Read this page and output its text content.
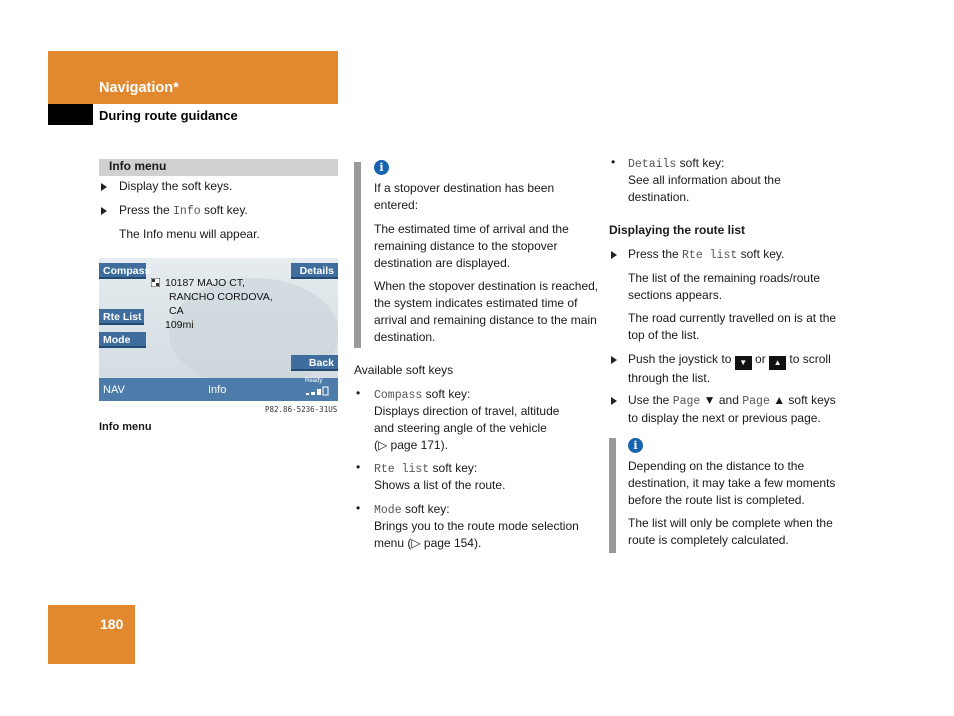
Navigation*
During route guidance
Info menu
Display the soft keys.
Press the Info soft key.
The Info menu will appear.
Compass	Details
Rte List
Mode
Back
10187 MAJO CT,
RANCHO CORDOVA,
CA
109mi
NAV	Info
Ready
P82.86-5236-31US
Info menu
i
If a stopover destination has been entered:
The estimated time of arrival and the remaining distance to the stopover destination are displayed.
When the stopover destination is reached, the system indicates estimated time of arrival and remaining distance to the main destination.
Available soft keys
• Compass soft key:
Displays direction of travel, altitude
and steering angle of the vehicle
(▷ page 171).
• Rte list soft key:
Shows a list of the route.
• Mode soft key:
Brings you to the route mode selection
menu (▷ page 154).
• Details soft key:
See all information about the destination.
Displaying the route list
Press the Rte list soft key.
The list of the remaining roads/route sections appears.
The road currently travelled on is at the top of the list.
Push the joystick to ▼ or ▲ to scroll
through the list.
Use the Page ▼ and Page ▲ soft keys
to display the next or previous page.
i
Depending on the distance to the destination, it may take a few moments before the route list is completed.
The list will only be complete when the route is completely calculated.
180
